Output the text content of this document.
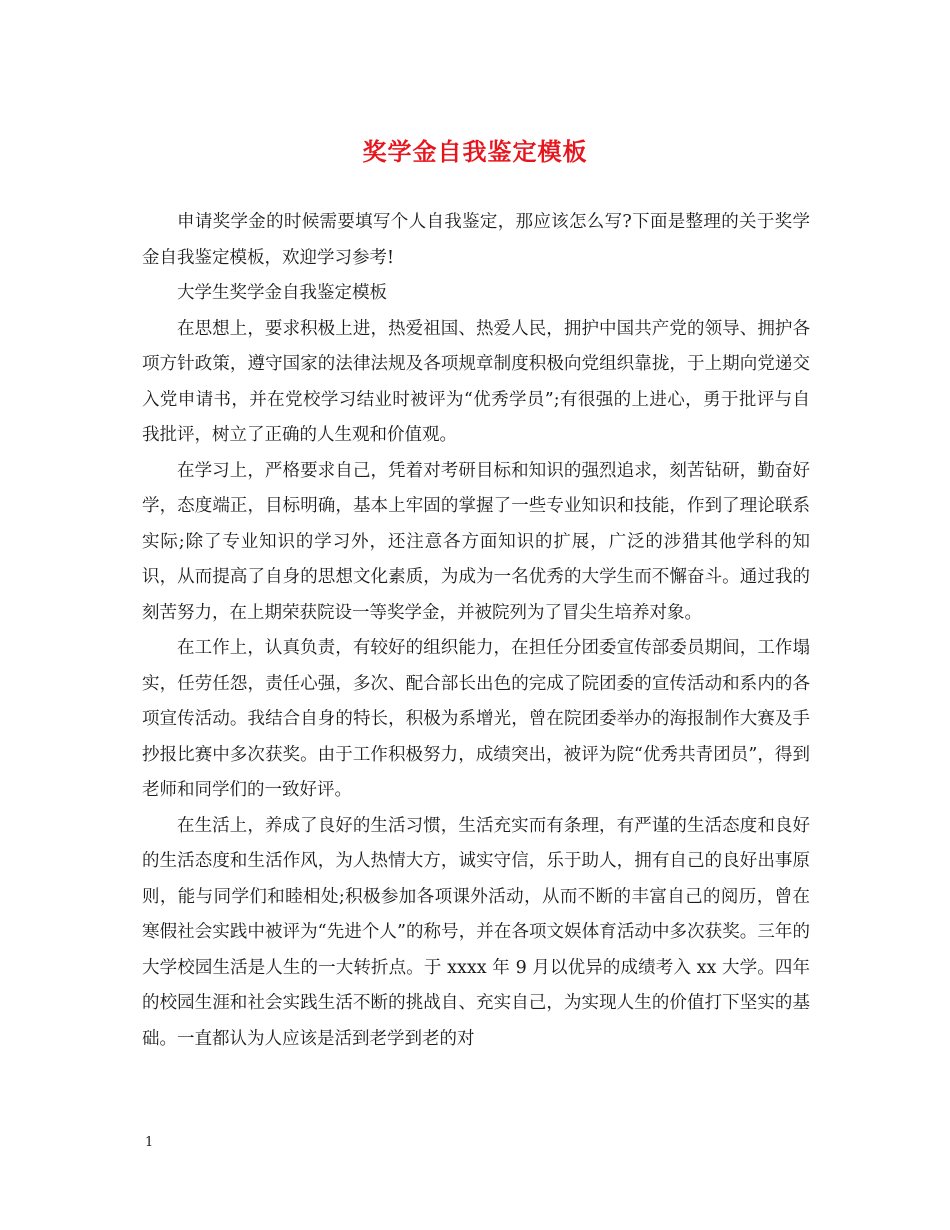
奖学金自我鉴定模板

申请奖学金的时候需要填写个人自我鉴定，那应该怎么写?下面是整理的关于奖学金自我鉴定模板，欢迎学习参考!

大学生奖学金自我鉴定模板

在思想上，要求积极上进，热爱祖国、热爱人民，拥护中国共产党的领导、拥护各项方针政策，遵守国家的法律法规及各项规章制度积极向党组织靠拢，于上期向党递交入党申请书，并在党校学习结业时被评为“优秀学员”;有很强的上进心，勇于批评与自我批评，树立了正确的人生观和价值观。

在学习上，严格要求自己，凭着对考研目标和知识的强烈追求，刻苦钻研，勤奋好学，态度端正，目标明确，基本上牢固的掌握了一些专业知识和技能，作到了理论联系实际;除了专业知识的学习外，还注意各方面知识的扩展，广泛的涉猎其他学科的知识，从而提高了自身的思想文化素质，为成为一名优秀的大学生而不懈奋斗。通过我的刻苦努力，在上期荣获院设一等奖学金，并被院列为了冒尖生培养对象。

在工作上，认真负责，有较好的组织能力，在担任分团委宣传部委员期间，工作塌实，任劳任怨，责任心强，多次、配合部长出色的完成了院团委的宣传活动和系内的各项宣传活动。我结合自身的特长，积极为系增光，曾在院团委举办的海报制作大赛及手抄报比赛中多次获奖。由于工作积极努力，成绩突出，被评为院“优秀共青团员”，得到老师和同学们的一致好评。

在生活上，养成了良好的生活习惯，生活充实而有条理，有严谨的生活态度和良好的生活态度和生活作风，为人热情大方，诚实守信，乐于助人，拥有自己的良好出事原则，能与同学们和睦相处;积极参加各项课外活动，从而不断的丰富自己的阅历，曾在寒假社会实践中被评为“先进个人”的称号，并在各项文娱体育活动中多次获奖。三年的大学校园生活是人生的一大转折点。于 xxxx 年 9 月以优异的成绩考入 xx 大学。四年的校园生涯和社会实践生活不断的挑战自、充实自己，为实现人生的价值打下坚实的基础。一直都认为人应该是活到老学到老的对

1
